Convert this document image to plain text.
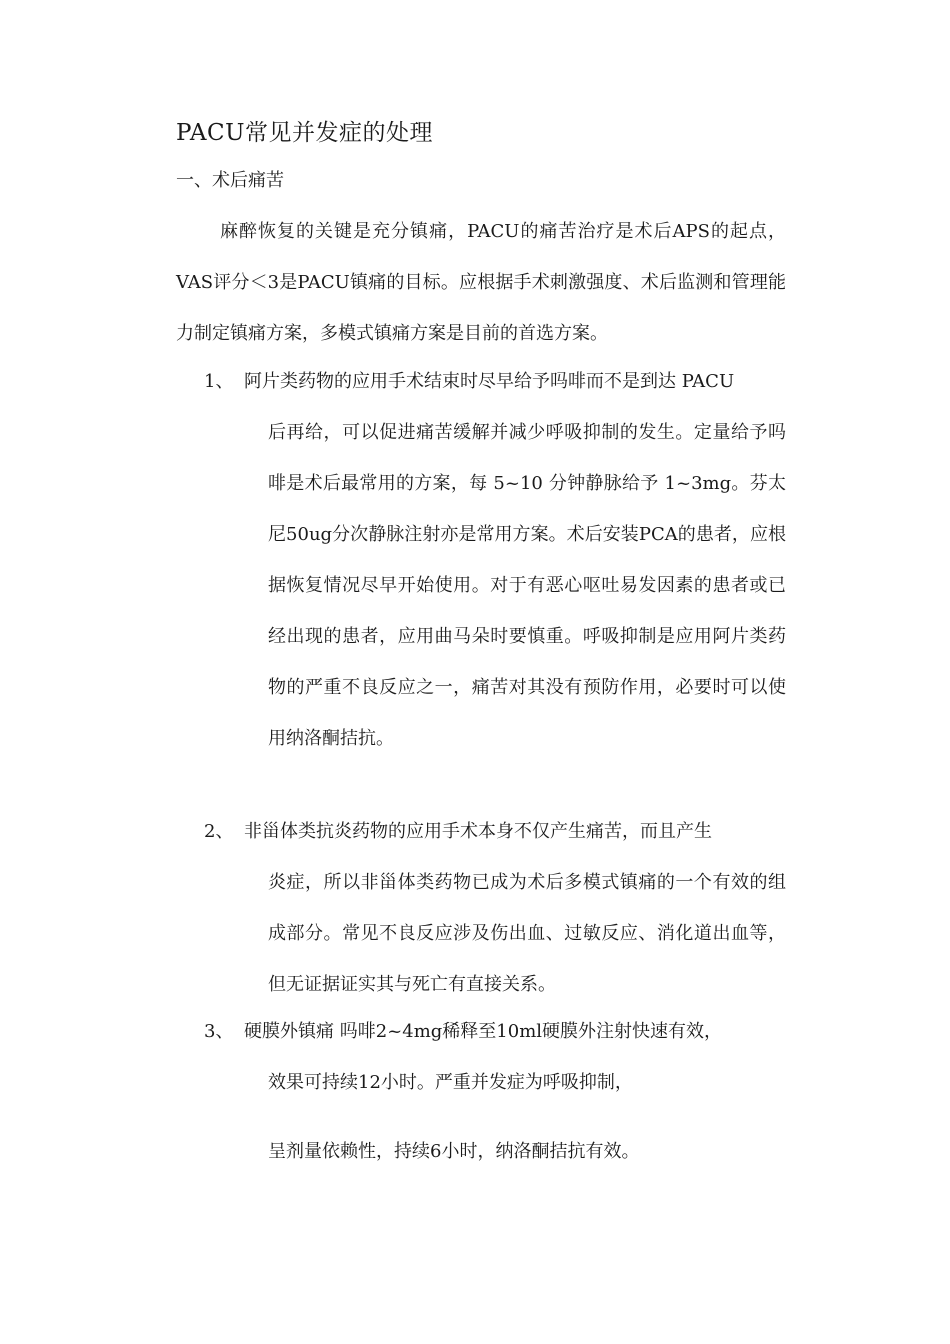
PACU常见并发症的处理
一、术后痛苦

麻醉恢复的关键是充分镇痛，PACU的痛苦治疗是术后APS的起点，VAS评分＜3是PACU镇痛的目标。应根据手术刺激强度、术后监测和管理能力制定镇痛方案，多模式镇痛方案是目前的首选方案。

1、 阿片类药物的应用手术结束时尽早给予吗啡而不是到达 PACU
后再给，可以促进痛苦缓解并减少呼吸抑制的发生。定量给予吗啡是术后最常用的方案，每 5~10 分钟静脉给予 1~3mg。芬太尼50ug分次静脉注射亦是常用方案。术后安装PCA的患者，应根据恢复情况尽早开始使用。对于有恶心呕吐易发因素的患者或已经出现的患者，应用曲马朵时要慎重。呼吸抑制是应用阿片类药物的严重不良反应之一，痛苦对其没有预防作用，必要时可以使用纳洛酮拮抗。
2、 非甾体类抗炎药物的应用手术本身不仅产生痛苦，而且产生
炎症，所以非甾体类药物已成为术后多模式镇痛的一个有效的组成部分。常见不良反应涉及伤出血、过敏反应、消化道出血等，但无证据证实其与死亡有直接关系。
3、 硬膜外镇痛 吗啡2~4mg稀释至10ml硬膜外注射快速有效，
效果可持续12小时。严重并发症为呼吸抑制，

呈剂量依赖性，持续6小时，纳洛酮拮抗有效。
